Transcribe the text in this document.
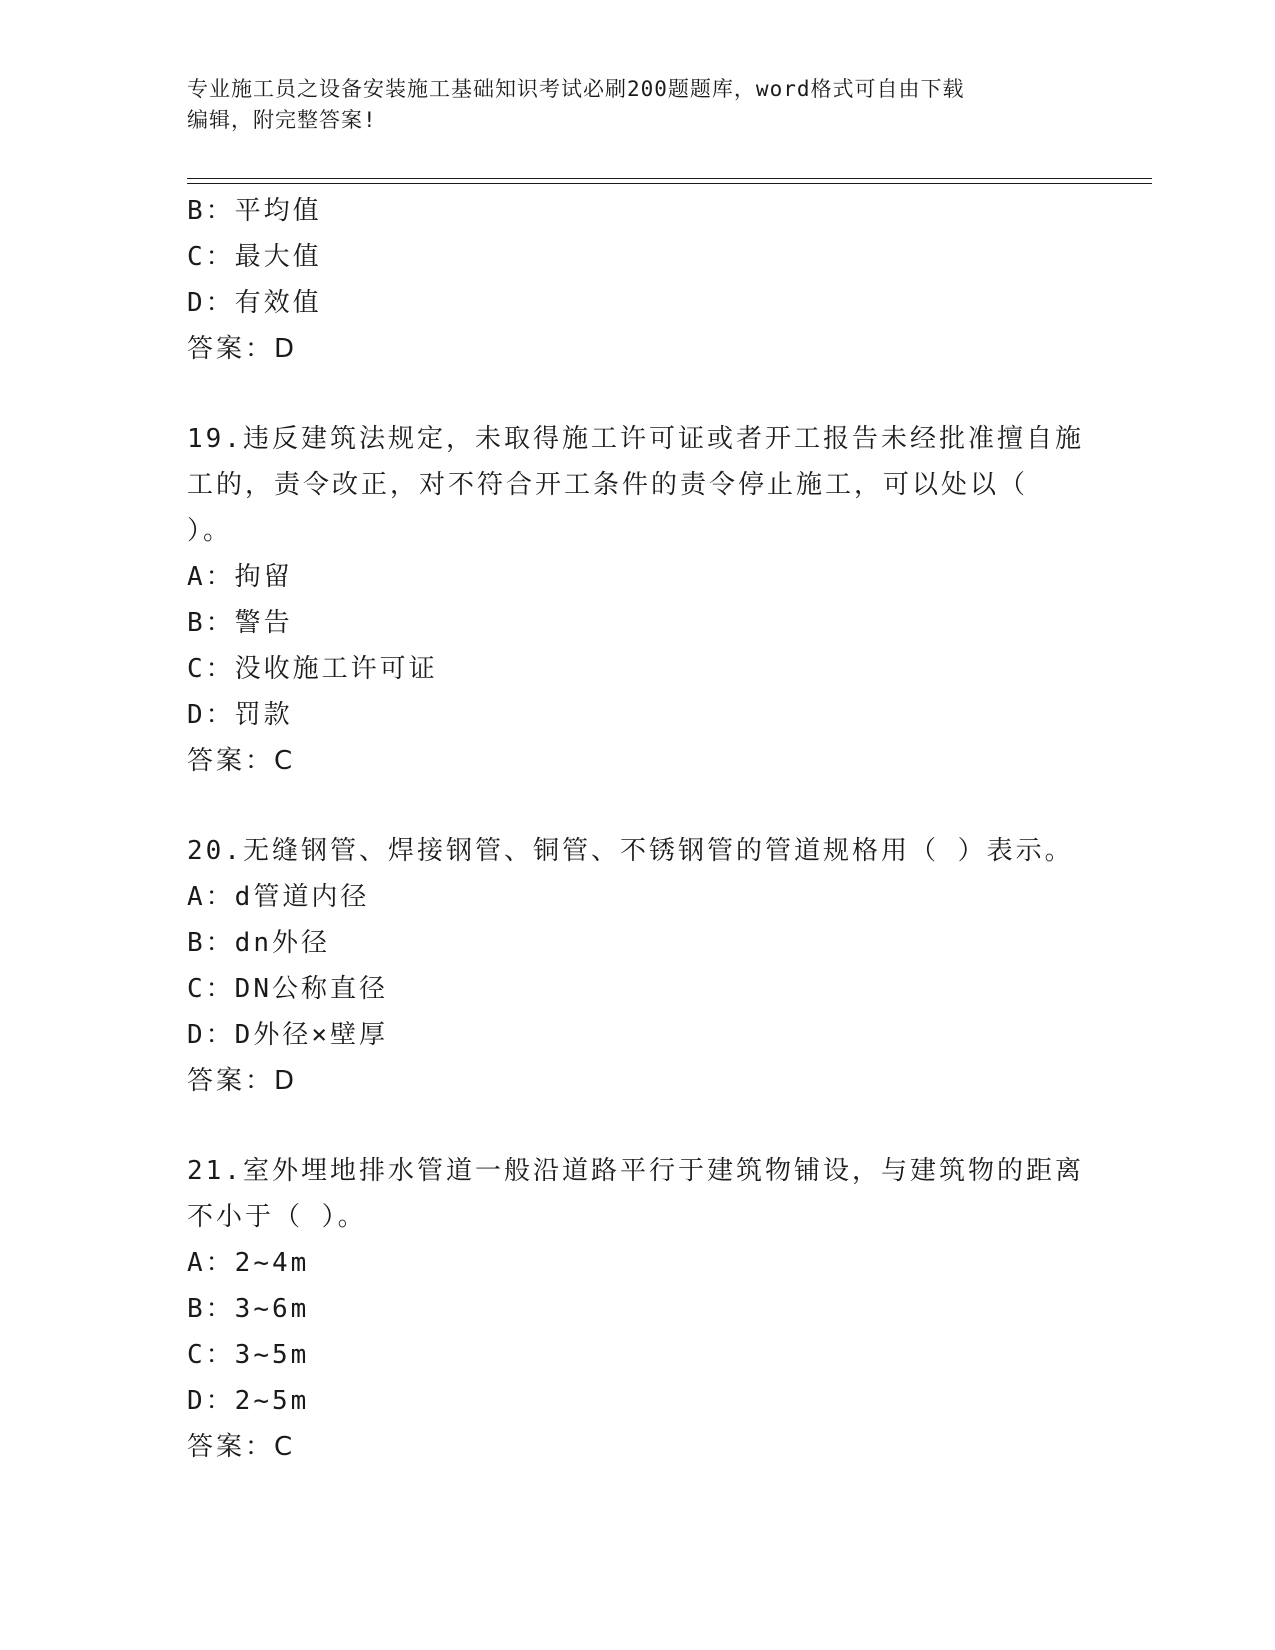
专业施工员之设备安装施工基础知识考试必刷200题题库，word格式可自由下载
编辑，附完整答案!
B：平均值
C：最大值
D：有效值
答案：D
19.违反建筑法规定，未取得施工许可证或者开工报告未经批准擅自施工的，责令改正，对不符合开工条件的责令停止施工，可以处以（ ）。
A：拘留
B：警告
C：没收施工许可证
D：罚款
答案：C
20.无缝钢管、焊接钢管、铜管、不锈钢管的管道规格用（ ）表示。
A：d管道内径
B：dn外径
C：DN公称直径
D：D外径×壁厚
答案：D
21.室外埋地排水管道一般沿道路平行于建筑物铺设，与建筑物的距离不小于（ ）。
A：2~4m
B：3~6m
C：3~5m
D：2~5m
答案：C
